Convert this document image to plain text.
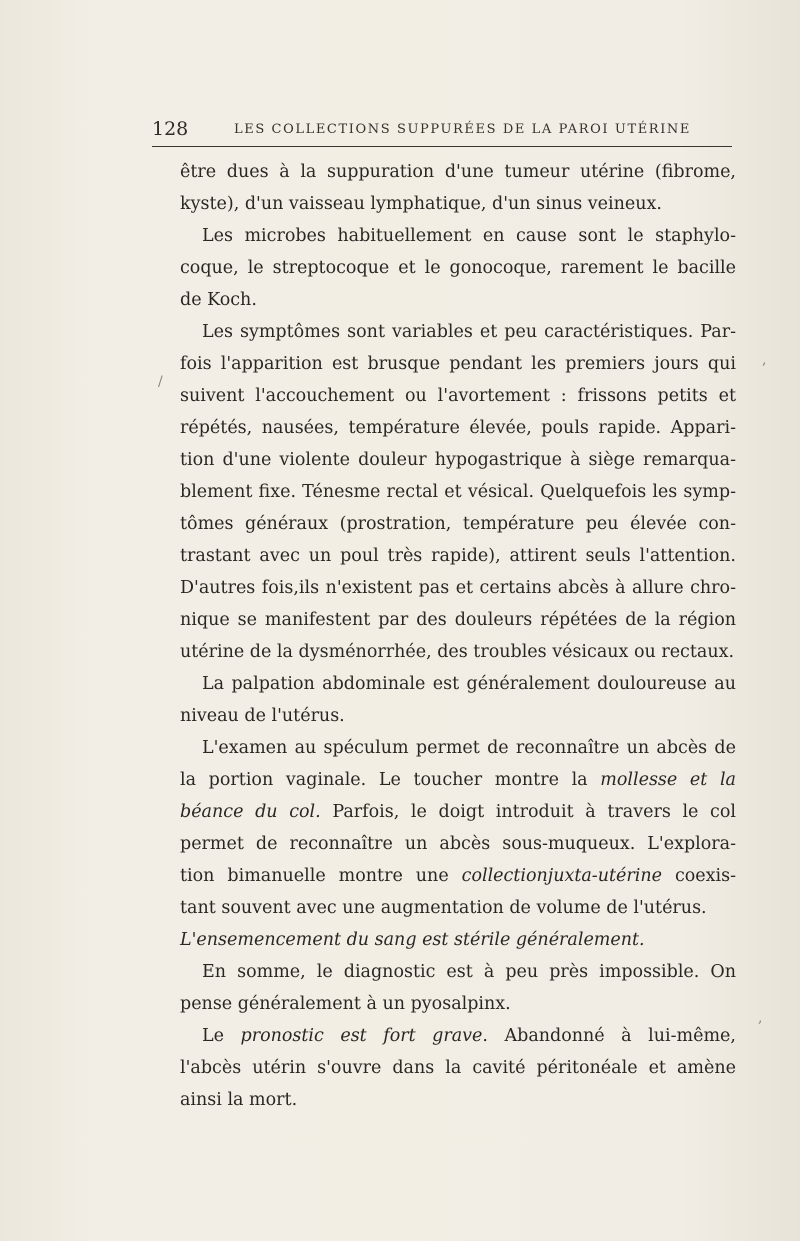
128	LES COLLECTIONS SUPPURÉES DE LA PAROI UTÉRINE
être dues à la suppuration d'une tumeur utérine (fibrome,
kyste), d'un vaisseau lymphatique, d'un sinus veineux.
Les microbes habituellement en cause sont le staphylo-
coque, le streptocoque et le gonocoque, rarement le bacille
de Koch.
Les symptômes sont variables et peu caractéristiques. Par-
fois l'apparition est brusque pendant les premiers jours qui
suivent l'accouchement ou l'avortement : frissons petits et
répétés, nausées, température élevée, pouls rapide. Appari-
tion d'une violente douleur hypogastrique à siège remarqua-
blement fixe. Ténesme rectal et vésical. Quelquefois les symp-
tômes généraux (prostration, température peu élevée con-
trastant avec un poul très rapide), attirent seuls l'attention.
D'autres fois,ils n'existent pas et certains abcès à allure chro-
nique se manifestent par des douleurs répétées de la région
utérine de la dysménorrhée, des troubles vésicaux ou rectaux.
La palpation abdominale est généralement douloureuse au
niveau de l'utérus.
L'examen au spéculum permet de reconnaître un abcès de
la portion vaginale. Le toucher montre la mollesse et la
béance du col. Parfois, le doigt introduit à travers le col
permet de reconnaître un abcès sous-muqueux. L'explora-
tion bimanuelle montre une collectionjuxta-utérine coexis-
tant souvent avec une augmentation de volume de l'utérus.
L'ensemencement du sang est stérile généralement.
En somme, le diagnostic est à peu près impossible. On
pense généralement à un pyosalpinx.
Le pronostic est fort grave. Abandonné à lui-même,
l'abcès utérin s'ouvre dans la cavité péritonéale et amène
ainsi la mort.
/
,
,
